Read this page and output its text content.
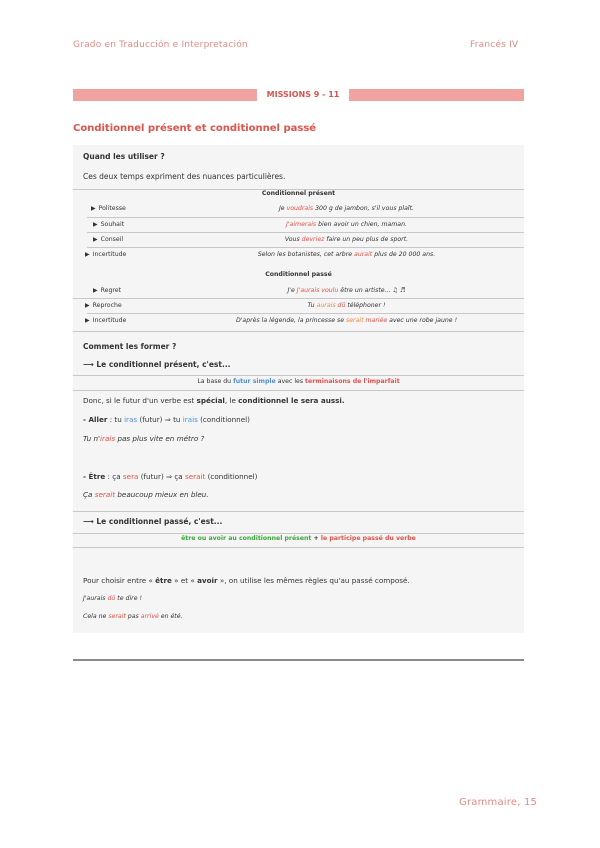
Grado en Traducción e Interpretación	Francés IV
MISSIONS 9 - 11
Conditionnel présent et conditionnel passé
Quand les utiliser ?
Ces deux temps expriment des nuances particulières.
Conditionnel présent
▶ Politesse	Je voudrais 300 g de jambon, s'il vous plaît.
▶ Souhait	J'aimerais bien avoir un chien, maman.
▶ Conseil	Vous devriez faire un peu plus de sport.
▶ Incertitude	Selon les botanistes, cet arbre aurait plus de 20 000 ans.
Conditionnel passé
▶ Regret	J'e J'aurais voulu être un artiste... ♫ ♬
▶ Reproche	Tu aurais dû téléphoner !
▶ Incertitude	D'après la légende, la princesse se serait mariée avec une robe jaune !
Comment les former ?
⟶ Le conditionnel présent, c'est...
La base du futur simple avec les terminaisons de l'imparfait
Donc, si le futur d'un verbe est spécial, le conditionnel le sera aussi.
- Aller : tu iras (futur) ⇒ tu irais (conditionnel)
Tu n'irais pas plus vite en métro ?
- Être : ça sera (futur) ⇒ ça serait (conditionnel)
Ça serait beaucoup mieux en bleu.
⟶ Le conditionnel passé, c'est...
être ou avoir au conditionnel présent + le participe passé du verbe
Pour choisir entre « être » et « avoir », on utilise les mêmes règles qu'au passé composé.
J'aurais dû te dire !
Cela ne serait pas arrivé en été.
Grammaire, 15
